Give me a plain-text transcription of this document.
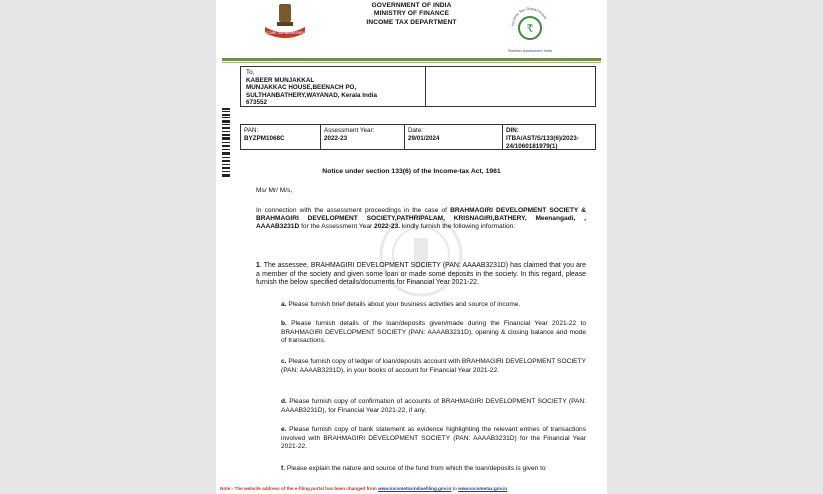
INCOME TAX DEPARTMENT
GOVERNMENT OF INDIA
MINISTRY OF FINANCE
INCOME TAX DEPARTMENT	Income Tax Department
₹
Faceless Assessment India
To,
KABEER MUNJAKKAL
MUNJAKKAC HOUSE,BEENACH PO,
SULTHANBATHERY,WAYANAD, Kerala India
673552
PAN:
BYZPM1068C
Assessment Year:
2022-23
Date:
29/01/2024
DIN:
ITBA/AST/S/133(6)/2023-24/1060181979(1)
Notice under section 133(6) of the Income-tax Act, 1961
Ms/ Mr/ M/s,
In connection with the assessment proceedings in the case of BRAHMAGIRI DEVELOPMENT SOCIETY & BRAHMAGIRI DEVELOPMENT SOCIETY,PATHRIPALAM, KRISNAGIRI,BATHERY, Meenangadi, , AAAAB3231D for the Assessment Year 2022-23. kindly furnish the following information:
1. The assessee, BRAHMAGIRI DEVELOPMENT SOCIETY (PAN: AAAAB3231D) has claimed that you are a member of the society and given some loan or made some deposits in the society. In this regard, please furnish the below specified details/documents for Financial Year 2021-22.
a. Please furnish brief details about your business activities and source of income.
b. Please furnish details of the loan/deposits given/made during the Financial Year 2021-22 to BRAHMAGIRI DEVELOPMENT SOCIETY (PAN: AAAAB3231D), opening & closing balance and mode of transactions.
c. Please furnish copy of ledger of loan/deposits account with BRAHMAGIRI DEVELOPMENT SOCIETY (PAN: AAAAB3231D), in your books of account for Financial Year 2021-22.
d. Please furnish copy of confirmation of accounts of BRAHMAGIRI DEVELOPMENT SOCIETY (PAN: AAAAB3231D), for Financial Year 2021-22, if any.
e. Please furnish copy of bank statement as evidence highlighting the relevant entries of transactions involved with BRAHMAGIRI DEVELOPMENT SOCIETY (PAN: AAAAB3231D) for the Financial Year 2021-22.
f. Please explain the nature and source of the fund from which the loan/deposits is given to
Note:- The website address of the e-filing portal has been changed from www.incometaxindiaefiling.gov.in to www.incometax.gov.in
